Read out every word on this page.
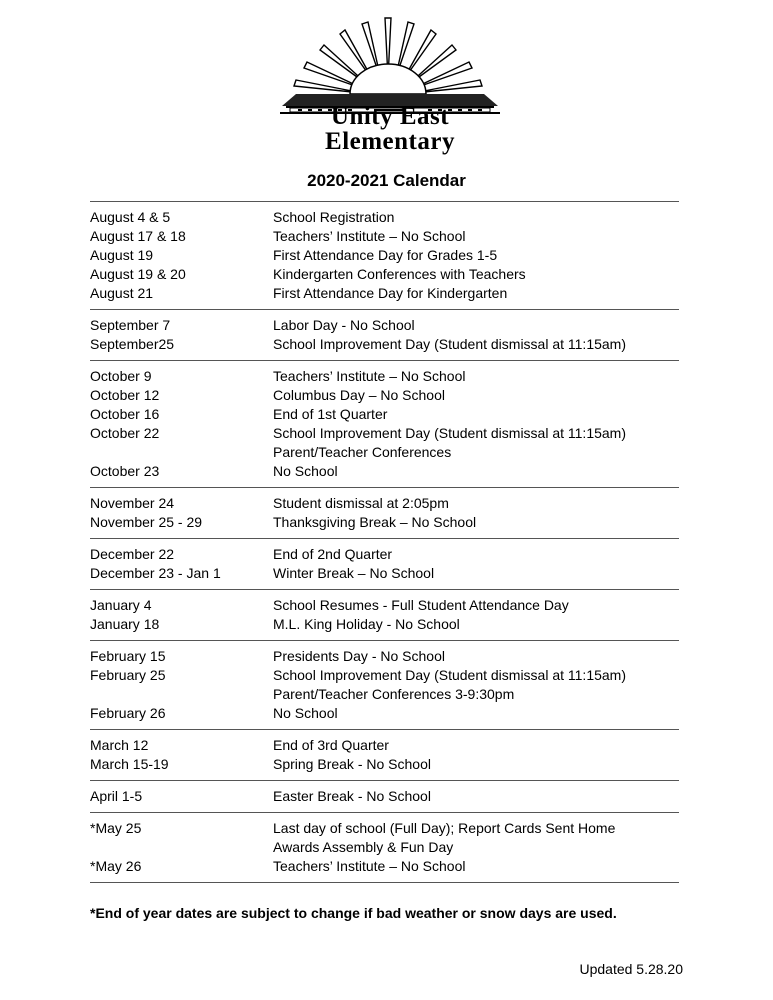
Unity East
Elementary
2020-2021 Calendar
August 4 & 5	School Registration
August 17 & 18	Teachers’ Institute – No School
August 19	First Attendance Day for Grades 1-5
August 19 & 20	Kindergarten Conferences with Teachers
August 21	First Attendance Day for Kindergarten
September 7	Labor Day - No School
September25	School Improvement Day (Student dismissal at 11:15am)
October 9	Teachers’ Institute – No School
October 12	Columbus Day – No School
October 16	End of 1st Quarter
October 22	School Improvement Day (Student dismissal at 11:15am)
Parent/Teacher Conferences
October 23	No School
November 24	Student dismissal at 2:05pm
November 25 - 29	Thanksgiving Break – No School
December 22	End of 2nd Quarter
December 23 - Jan 1	Winter Break – No School
January 4	School Resumes - Full Student Attendance Day
January 18	M.L. King Holiday - No School
February 15	Presidents Day - No School
February 25	School Improvement Day (Student dismissal at 11:15am)
Parent/Teacher Conferences 3-9:30pm
February 26	No School
March 12	End of 3rd Quarter
March 15-19	Spring Break - No School
April 1-5	Easter Break - No School
*May 25	Last day of school (Full Day); Report Cards Sent Home
Awards Assembly & Fun Day
*May 26	Teachers’ Institute – No School
*End of year dates are subject to change if bad weather or snow days are used.
Updated 5.28.20
